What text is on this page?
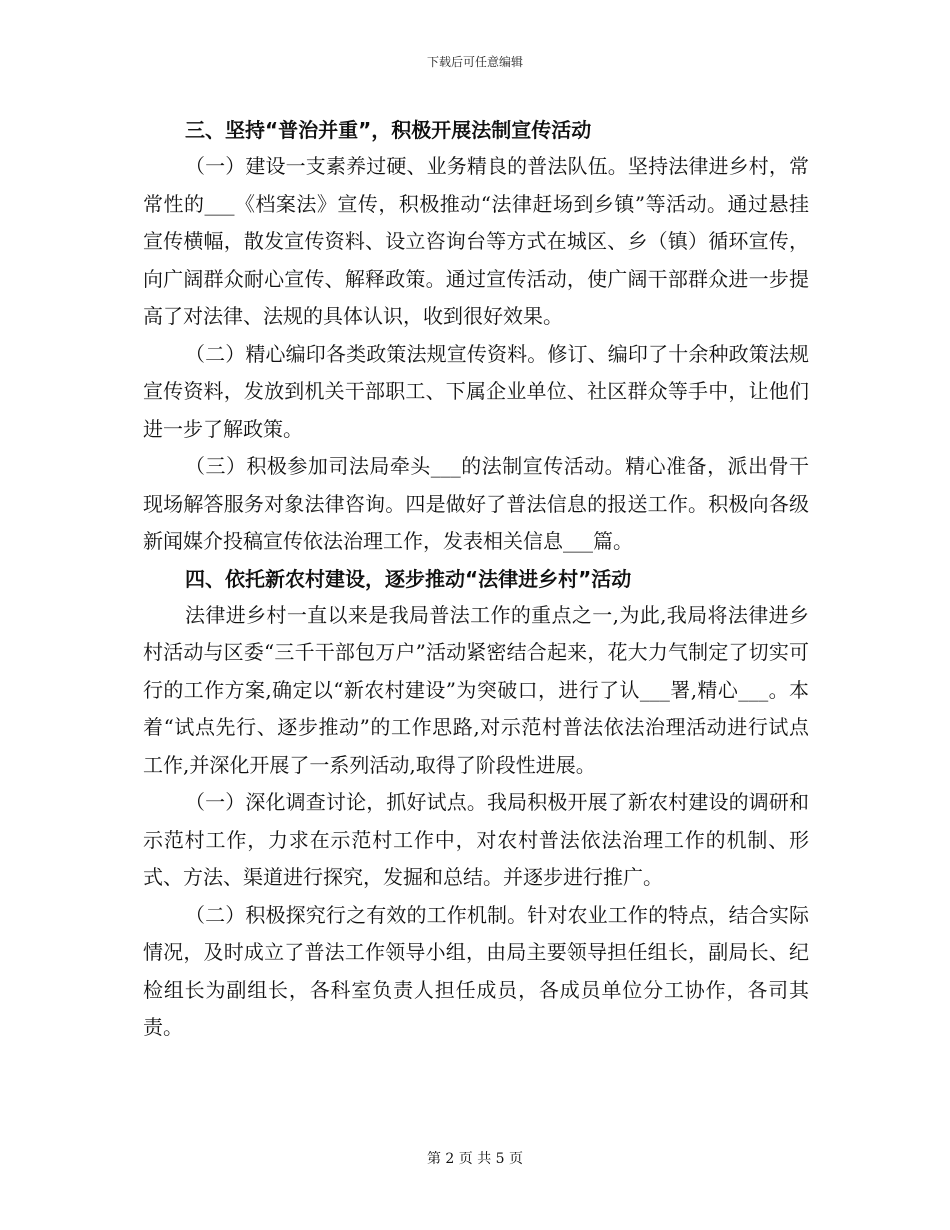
下载后可任意编辑

三、坚持“普治并重”，积极开展法制宣传活动

（一）建设一支素养过硬、业务精良的普法队伍。坚持法律进乡村，常常性的___《档案法》宣传，积极推动“法律赶场到乡镇”等活动。通过悬挂宣传横幅，散发宣传资料、设立咨询台等方式在城区、乡（镇）循环宣传，向广阔群众耐心宣传、解释政策。通过宣传活动，使广阔干部群众进一步提高了对法律、法规的具体认识，收到很好效果。

（二）精心编印各类政策法规宣传资料。修订、编印了十余种政策法规宣传资料，发放到机关干部职工、下属企业单位、社区群众等手中，让他们进一步了解政策。

（三）积极参加司法局牵头___的法制宣传活动。精心准备，派出骨干现场解答服务对象法律咨询。四是做好了普法信息的报送工作。积极向各级新闻媒介投稿宣传依法治理工作，发表相关信息___篇。

四、依托新农村建设，逐步推动“法律进乡村”活动

法律进乡村一直以来是我局普法工作的重点之一,为此,我局将法律进乡村活动与区委“三千干部包万户”活动紧密结合起来，花大力气制定了切实可行的工作方案,确定以“新农村建设”为突破口，进行了认___署,精心___。本着“试点先行、逐步推动”的工作思路,对示范村普法依法治理活动进行试点工作,并深化开展了一系列活动,取得了阶段性进展。

（一）深化调查讨论，抓好试点。我局积极开展了新农村建设的调研和示范村工作，力求在示范村工作中，对农村普法依法治理工作的机制、形式、方法、渠道进行探究，发掘和总结。并逐步进行推广。

（二）积极探究行之有效的工作机制。针对农业工作的特点，结合实际情况，及时成立了普法工作领导小组，由局主要领导担任组长，副局长、纪检组长为副组长，各科室负责人担任成员，各成员单位分工协作，各司其责。

第 2 页 共 5 页
